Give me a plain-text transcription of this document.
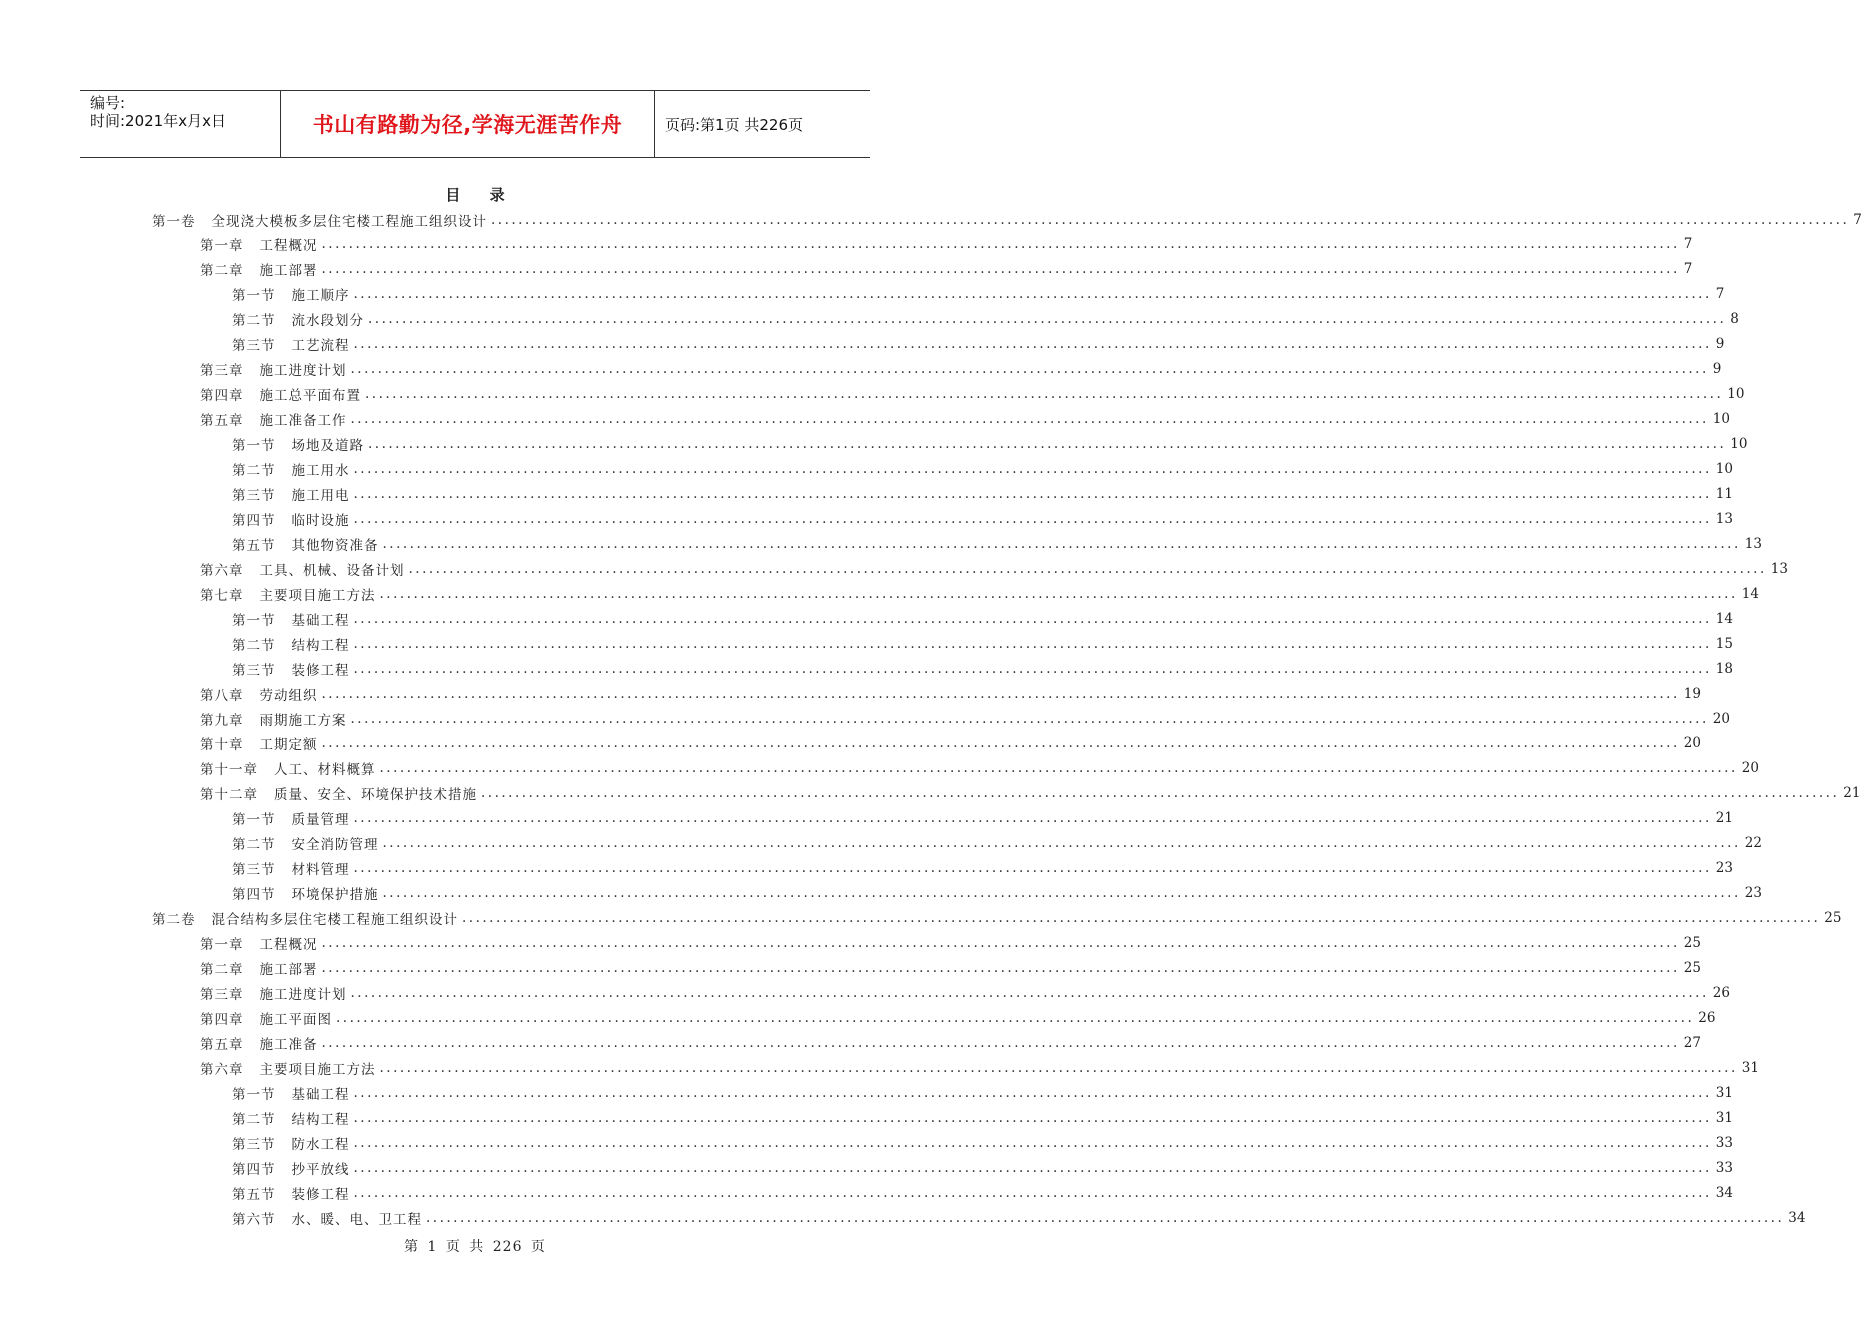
编号:
时间:2021年x月x日	书山有路勤为径,学海无涯苦作舟	页码:第1页 共226页
目 录
第一卷 全现浇大模板多层住宅楼工程施工组织设计 ........................................................................................................................................................................................................ 7
第一章 工程概况 ........................................................................................................................................................................................................ 7
第二章 施工部署 ........................................................................................................................................................................................................ 7
第一节 施工顺序 ........................................................................................................................................................................................................ 7
第二节 流水段划分 ........................................................................................................................................................................................................ 8
第三节 工艺流程 ........................................................................................................................................................................................................ 9
第三章 施工进度计划 ........................................................................................................................................................................................................ 9
第四章 施工总平面布置 ........................................................................................................................................................................................................ 10
第五章 施工准备工作 ........................................................................................................................................................................................................ 10
第一节 场地及道路 ........................................................................................................................................................................................................ 10
第二节 施工用水 ........................................................................................................................................................................................................ 10
第三节 施工用电 ........................................................................................................................................................................................................ 11
第四节 临时设施 ........................................................................................................................................................................................................ 13
第五节 其他物资准备 ........................................................................................................................................................................................................ 13
第六章 工具、机械、设备计划 ........................................................................................................................................................................................................ 13
第七章 主要项目施工方法 ........................................................................................................................................................................................................ 14
第一节 基础工程 ........................................................................................................................................................................................................ 14
第二节 结构工程 ........................................................................................................................................................................................................ 15
第三节 装修工程 ........................................................................................................................................................................................................ 18
第八章 劳动组织 ........................................................................................................................................................................................................ 19
第九章 雨期施工方案 ........................................................................................................................................................................................................ 20
第十章 工期定额 ........................................................................................................................................................................................................ 20
第十一章 人工、材料概算 ........................................................................................................................................................................................................ 20
第十二章 质量、安全、环境保护技术措施 ........................................................................................................................................................................................................ 21
第一节 质量管理 ........................................................................................................................................................................................................ 21
第二节 安全消防管理 ........................................................................................................................................................................................................ 22
第三节 材料管理 ........................................................................................................................................................................................................ 23
第四节 环境保护措施 ........................................................................................................................................................................................................ 23
第二卷 混合结构多层住宅楼工程施工组织设计 ........................................................................................................................................................................................................ 25
第一章 工程概况 ........................................................................................................................................................................................................ 25
第二章 施工部署 ........................................................................................................................................................................................................ 25
第三章 施工进度计划 ........................................................................................................................................................................................................ 26
第四章 施工平面图 ........................................................................................................................................................................................................ 26
第五章 施工准备 ........................................................................................................................................................................................................ 27
第六章 主要项目施工方法 ........................................................................................................................................................................................................ 31
第一节 基础工程 ........................................................................................................................................................................................................ 31
第二节 结构工程 ........................................................................................................................................................................................................ 31
第三节 防水工程 ........................................................................................................................................................................................................ 33
第四节 抄平放线 ........................................................................................................................................................................................................ 33
第五节 装修工程 ........................................................................................................................................................................................................ 34
第六节 水、暖、电、卫工程 ........................................................................................................................................................................................................ 34
第 1 页 共 226 页
